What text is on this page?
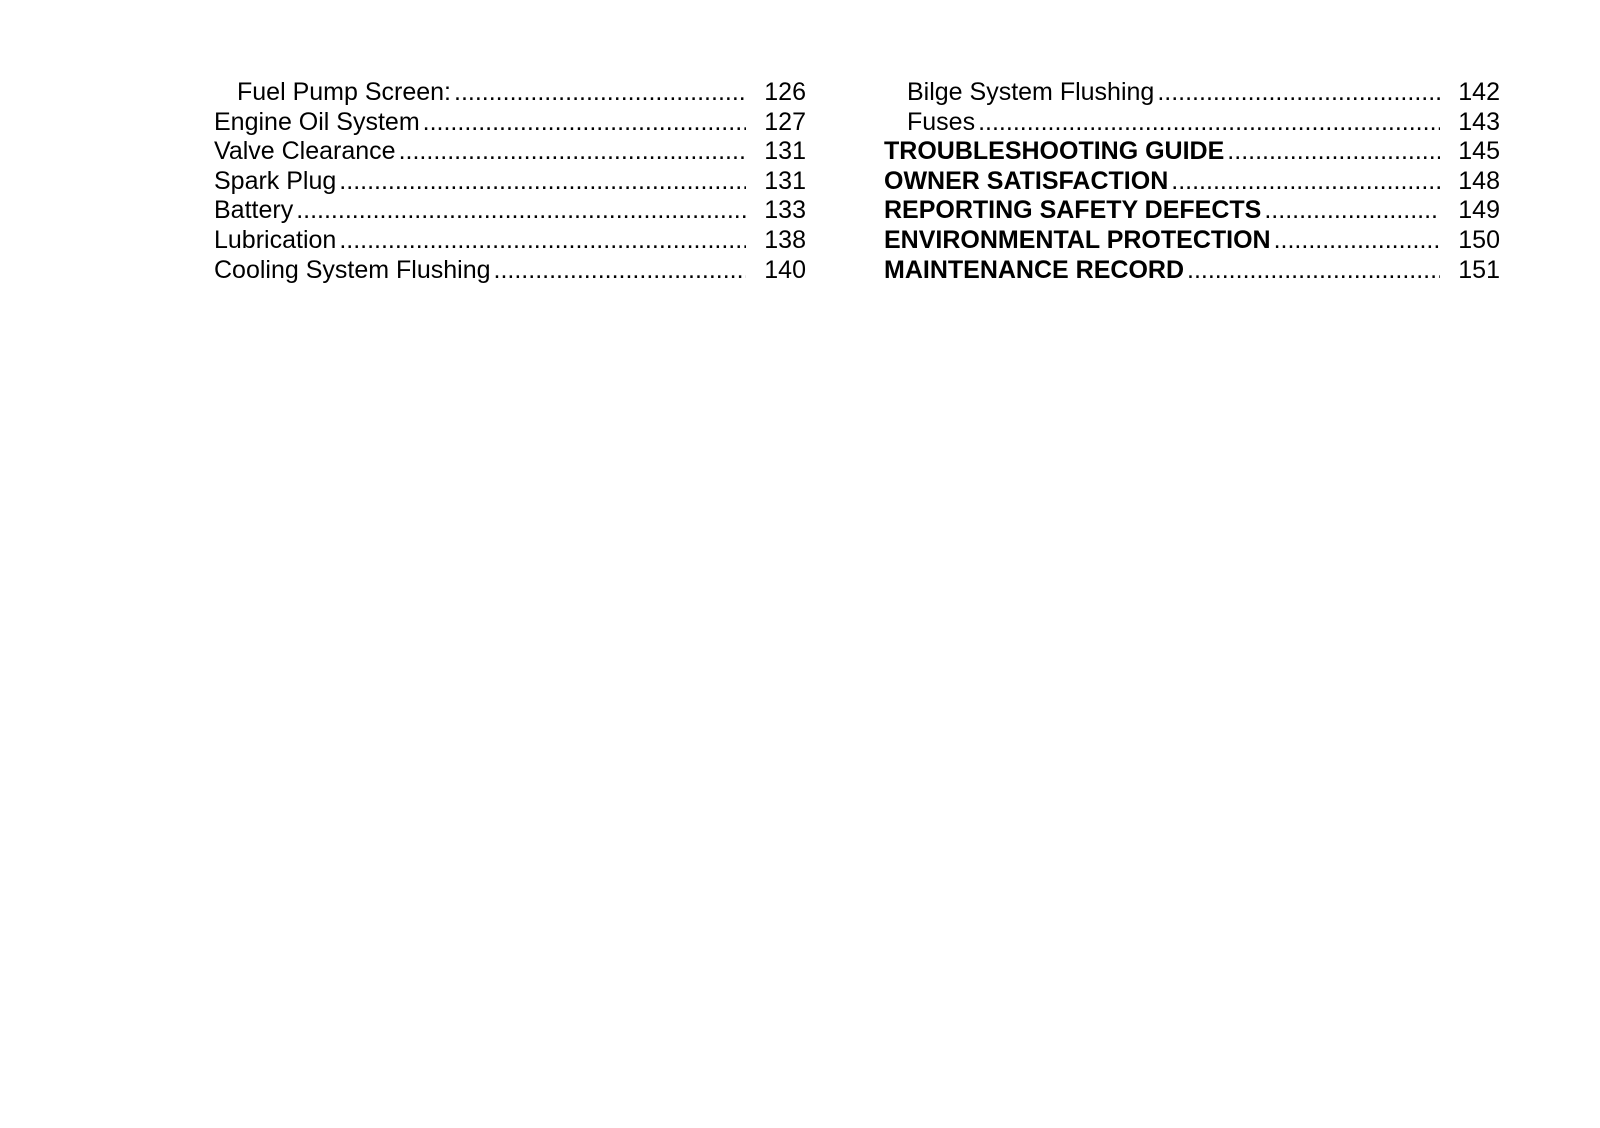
Fuel Pump Screen: .....	126
Engine Oil System .....	127
Valve Clearance .....	131
Spark Plug .....	131
Battery .....	133
Lubrication .....	138
Cooling System Flushing .....	140
Bilge System Flushing .....	142
Fuses .....	143
TROUBLESHOOTING GUIDE .....	145
OWNER SATISFACTION .....	148
REPORTING SAFETY DEFECTS .....	149
ENVIRONMENTAL PROTECTION .....	150
MAINTENANCE RECORD .....	151
